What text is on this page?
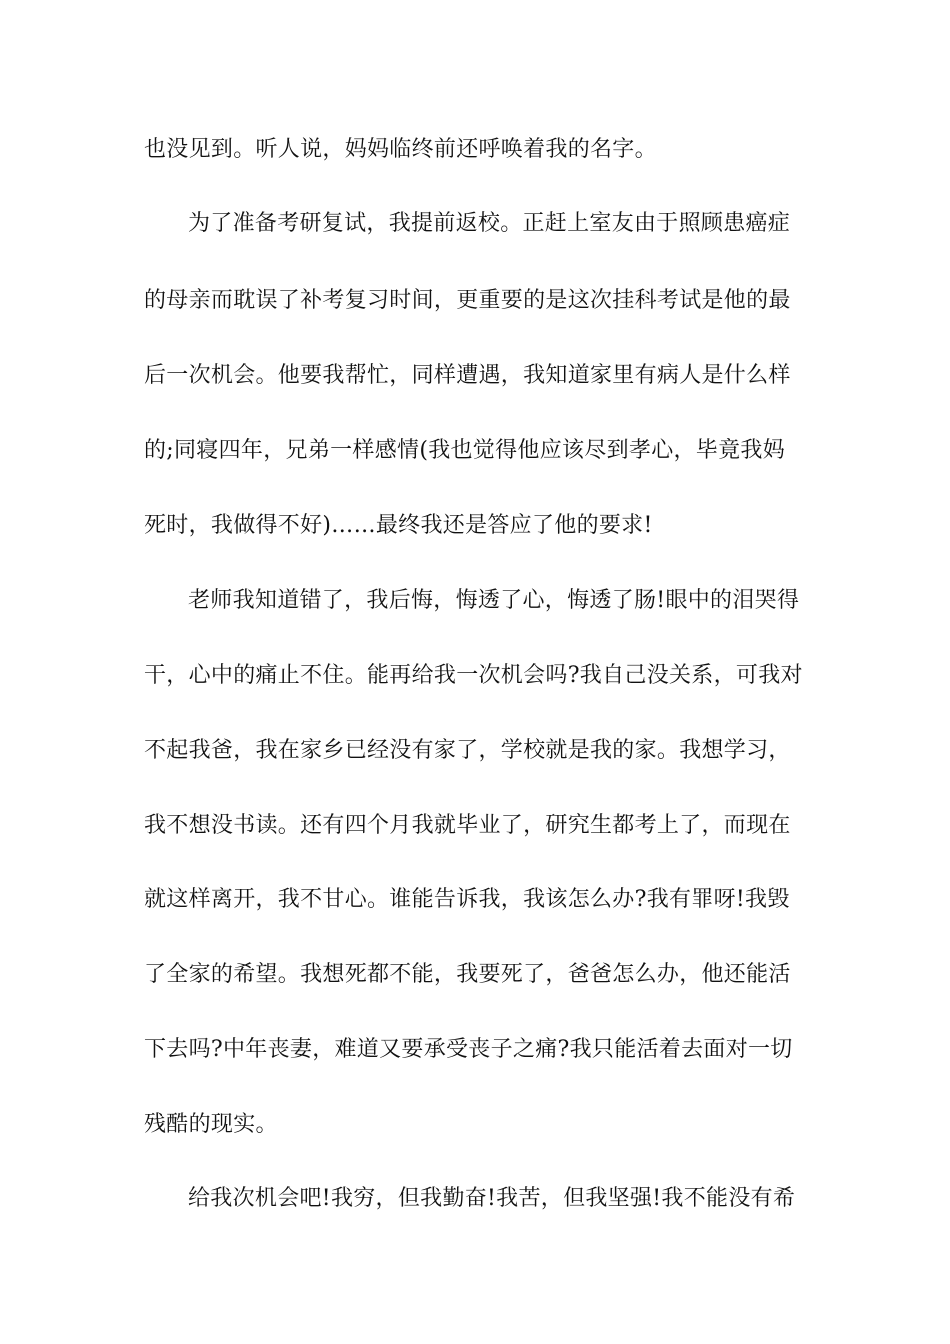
也没见到。听人说，妈妈临终前还呼唤着我的名字。
为了准备考研复试，我提前返校。正赶上室友由于照顾患癌症
的母亲而耽误了补考复习时间，更重要的是这次挂科考试是他的最
后一次机会。他要我帮忙，同样遭遇，我知道家里有病人是什么样
的;同寝四年，兄弟一样感情(我也觉得他应该尽到孝心，毕竟我妈
死时，我做得不好)……最终我还是答应了他的要求!
老师我知道错了，我后悔，悔透了心，悔透了肠!眼中的泪哭得
干，心中的痛止不住。能再给我一次机会吗?我自己没关系，可我对
不起我爸，我在家乡已经没有家了，学校就是我的家。我想学习，
我不想没书读。还有四个月我就毕业了，研究生都考上了，而现在
就这样离开，我不甘心。谁能告诉我，我该怎么办?我有罪呀!我毁
了全家的希望。我想死都不能，我要死了，爸爸怎么办，他还能活
下去吗?中年丧妻，难道又要承受丧子之痛?我只能活着去面对一切
残酷的现实。
给我次机会吧!我穷，但我勤奋!我苦，但我坚强!我不能没有希
